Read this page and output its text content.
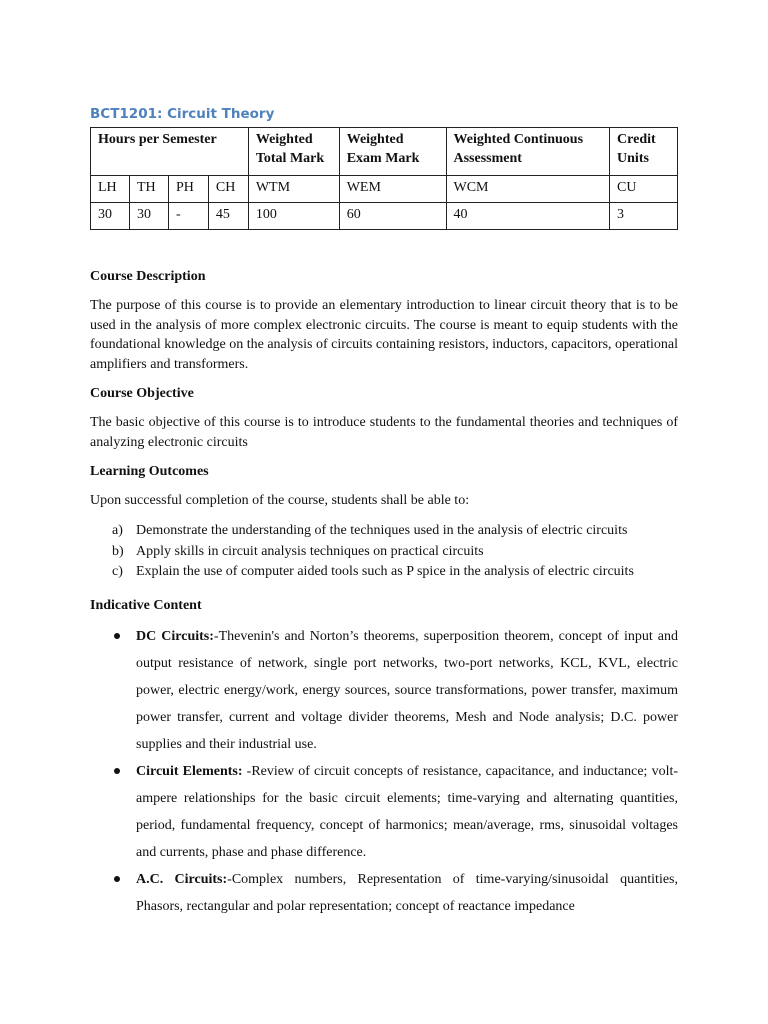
BCT1201: Circuit Theory
Hours per Semester				Weighted Total Mark	Weighted Exam Mark	Weighted Continuous Assessment	Credit Units
LH	TH	PH	CH	WTM	WEM	WCM	CU
30	30	-	45	100	60	40	3
Course Description
The purpose of this course is to provide an elementary introduction to linear circuit theory that is to be used in the analysis of more complex electronic circuits. The course is meant to equip students with the foundational knowledge on the analysis of circuits containing resistors, inductors, capacitors, operational amplifiers and transformers.
Course Objective
The basic objective of this course is to introduce students to the fundamental theories and techniques of analyzing electronic circuits
Learning Outcomes
Upon successful completion of the course, students shall be able to:
a) Demonstrate the understanding of the techniques used in the analysis of electric circuits
b) Apply skills in circuit analysis techniques on practical circuits
c) Explain the use of computer aided tools such as P spice in the analysis of electric circuits
Indicative Content
DC Circuits:-Thevenin's and Norton’s theorems, superposition theorem, concept of input and output resistance of network, single port networks, two-port networks, KCL, KVL, electric power, electric energy/work, energy sources, source transformations, power transfer, maximum power transfer, current and voltage divider theorems, Mesh and Node analysis; D.C. power supplies and their industrial use.
Circuit Elements: -Review of circuit concepts of resistance, capacitance, and inductance; volt-ampere relationships for the basic circuit elements; time-varying and alternating quantities, period, fundamental frequency, concept of harmonics; mean/average, rms, sinusoidal voltages and currents, phase and phase difference.
A.C. Circuits:-Complex numbers, Representation of time-varying/sinusoidal quantities, Phasors, rectangular and polar representation; concept of reactance impedance
